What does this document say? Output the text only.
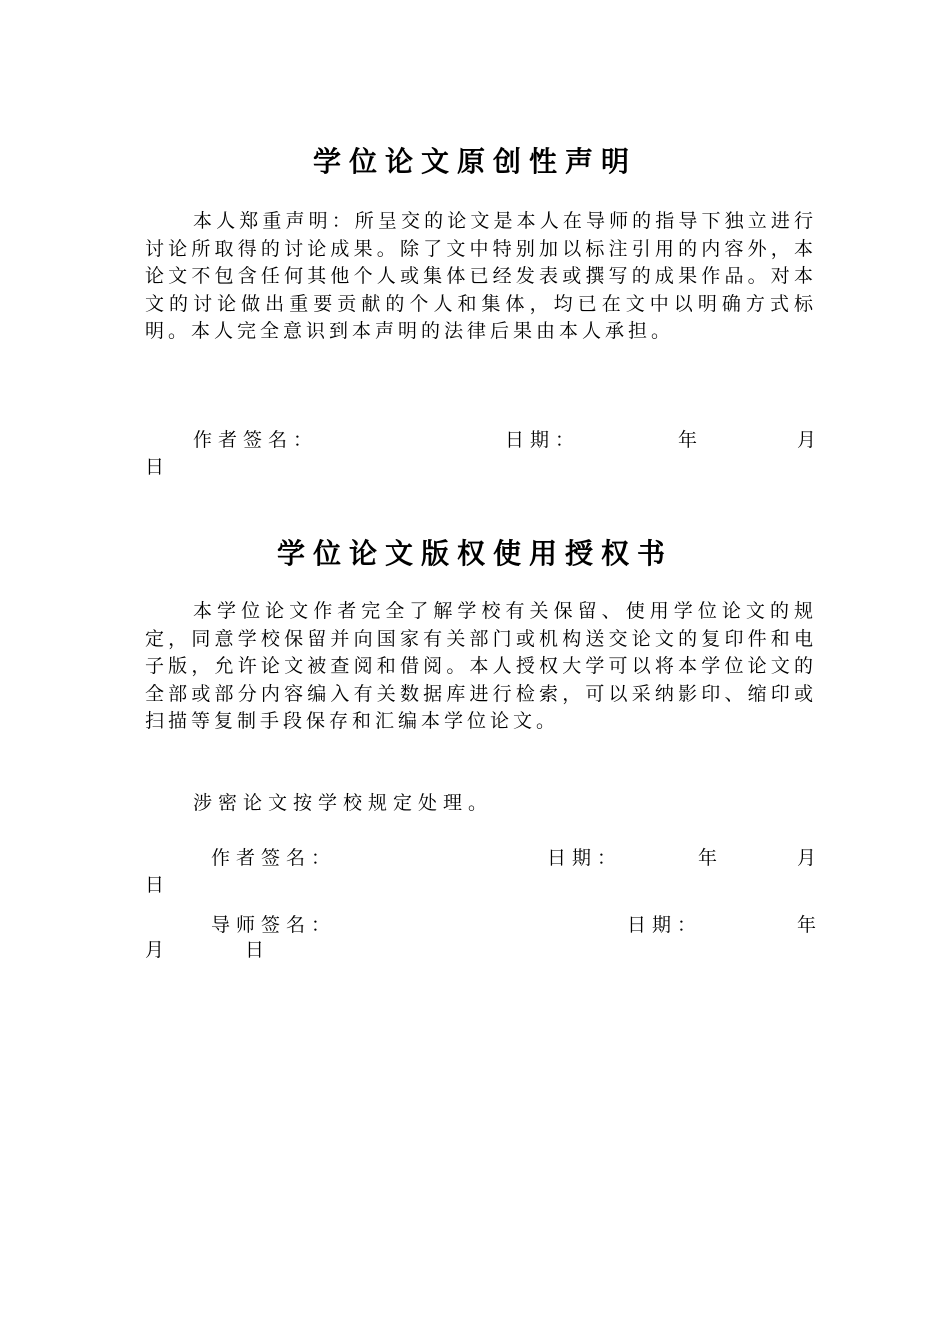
学位论文原创性声明
本人郑重声明：所呈交的论文是本人在导师的指导下独立进行讨论所取得的讨论成果。除了文中特别加以标注引用的内容外，本论文不包含任何其他个人或集体已经发表或撰写的成果作品。对本文的讨论做出重要贡献的个人和集体，均已在文中以明确方式标明。本人完全意识到本声明的法律后果由本人承担。
作者签名：	日期：	年	月
日
学位论文版权使用授权书
本学位论文作者完全了解学校有关保留、使用学位论文的规定，同意学校保留并向国家有关部门或机构送交论文的复印件和电子版，允许论文被查阅和借阅。本人授权大学可以将本学位论文的全部或部分内容编入有关数据库进行检索，可以采纳影印、缩印或扫描等复制手段保存和汇编本学位论文。
涉密论文按学校规定处理。
作者签名：	日期：	年	月
日
导师签名：	日期：	年
月	日
